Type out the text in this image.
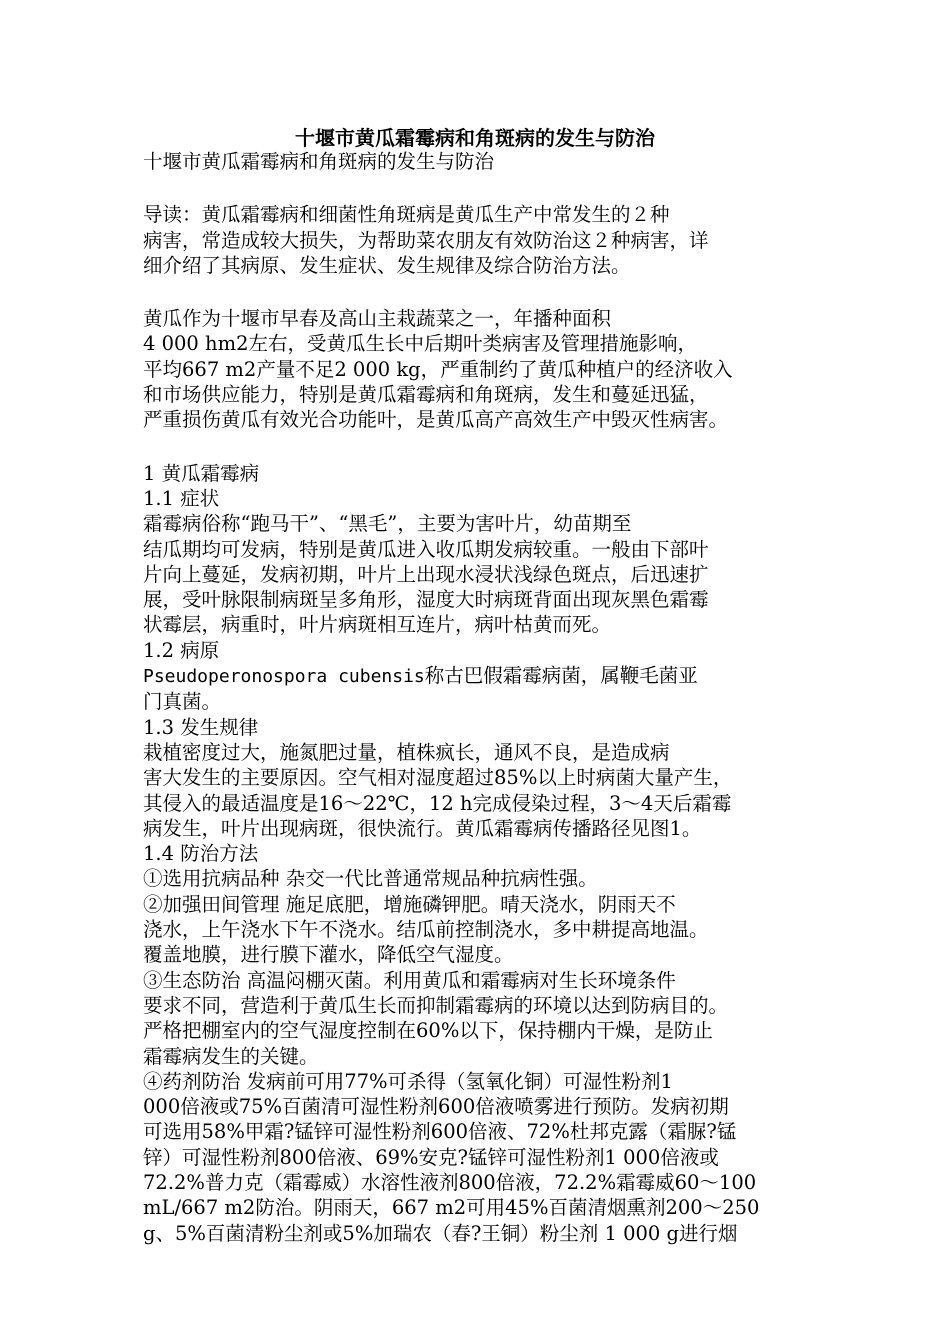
十堰市黄瓜霜霉病和角斑病的发生与防治

十堰市黄瓜霜霉病和角斑病的发生与防治

导读：黄瓜霜霉病和细菌性角斑病是黄瓜生产中常发生的２种

病害，常造成较大损失，为帮助菜农朋友有效防治这２种病害，详

细介绍了其病原、发生症状、发生规律及综合防治方法。

黄瓜作为十堰市早春及高山主栽蔬菜之一，年播种面积

4 000 hm2左右，受黄瓜生长中后期叶类病害及管理措施影响，

平均667 m2产量不足2 000 kg，严重制约了黄瓜种植户的经济收入

和市场供应能力，特别是黄瓜霜霉病和角斑病，发生和蔓延迅猛，

严重损伤黄瓜有效光合功能叶，是黄瓜高产高效生产中毁灭性病害。

1 黄瓜霜霉病

1.1 症状

霜霉病俗称“跑马干”、“黑毛”，主要为害叶片，幼苗期至

结瓜期均可发病，特别是黄瓜进入收瓜期发病较重。一般由下部叶

片向上蔓延，发病初期，叶片上出现水浸状浅绿色斑点，后迅速扩

展，受叶脉限制病斑呈多角形，湿度大时病斑背面出现灰黑色霜霉

状霉层，病重时，叶片病斑相互连片，病叶枯黄而死。

1.2 病原

Pseudoperonospora cubensis称古巴假霜霉病菌，属鞭毛菌亚

门真菌。

1.3 发生规律

栽植密度过大，施氮肥过量，植株疯长，通风不良，是造成病

害大发生的主要原因。空气相对湿度超过85%以上时病菌大量产生，

其侵入的最适温度是16～22℃，12 h完成侵染过程，3～4天后霜霉

病发生，叶片出现病斑，很快流行。黄瓜霜霉病传播路径见图1。

1.4 防治方法

①选用抗病品种 杂交一代比普通常规品种抗病性强。

②加强田间管理 施足底肥，增施磷钾肥。晴天浇水，阴雨天不

浇水，上午浇水下午不浇水。结瓜前控制浇水，多中耕提高地温。

覆盖地膜，进行膜下灌水，降低空气湿度。

③生态防治 高温闷棚灭菌。利用黄瓜和霜霉病对生长环境条件

要求不同，营造利于黄瓜生长而抑制霜霉病的环境以达到防病目的。

严格把棚室内的空气湿度控制在60%以下，保持棚内干燥，是防止

霜霉病发生的关键。

④药剂防治 发病前可用77%可杀得（氢氧化铜）可湿性粉剂1

000倍液或75%百菌清可湿性粉剂600倍液喷雾进行预防。发病初期

可选用58%甲霜?锰锌可湿性粉剂600倍液、72%杜邦克露（霜脲?锰

锌）可湿性粉剂800倍液、69%安克?锰锌可湿性粉剂1 000倍液或

72.2%普力克（霜霉威）水溶性液剂800倍液，72.2%霜霉威60～100

mL/667 m2防治。阴雨天，667 m2可用45%百菌清烟熏剂200～250

g、5%百菌清粉尘剂或5%加瑞农（春?王铜）粉尘剂 1 000 g进行烟
